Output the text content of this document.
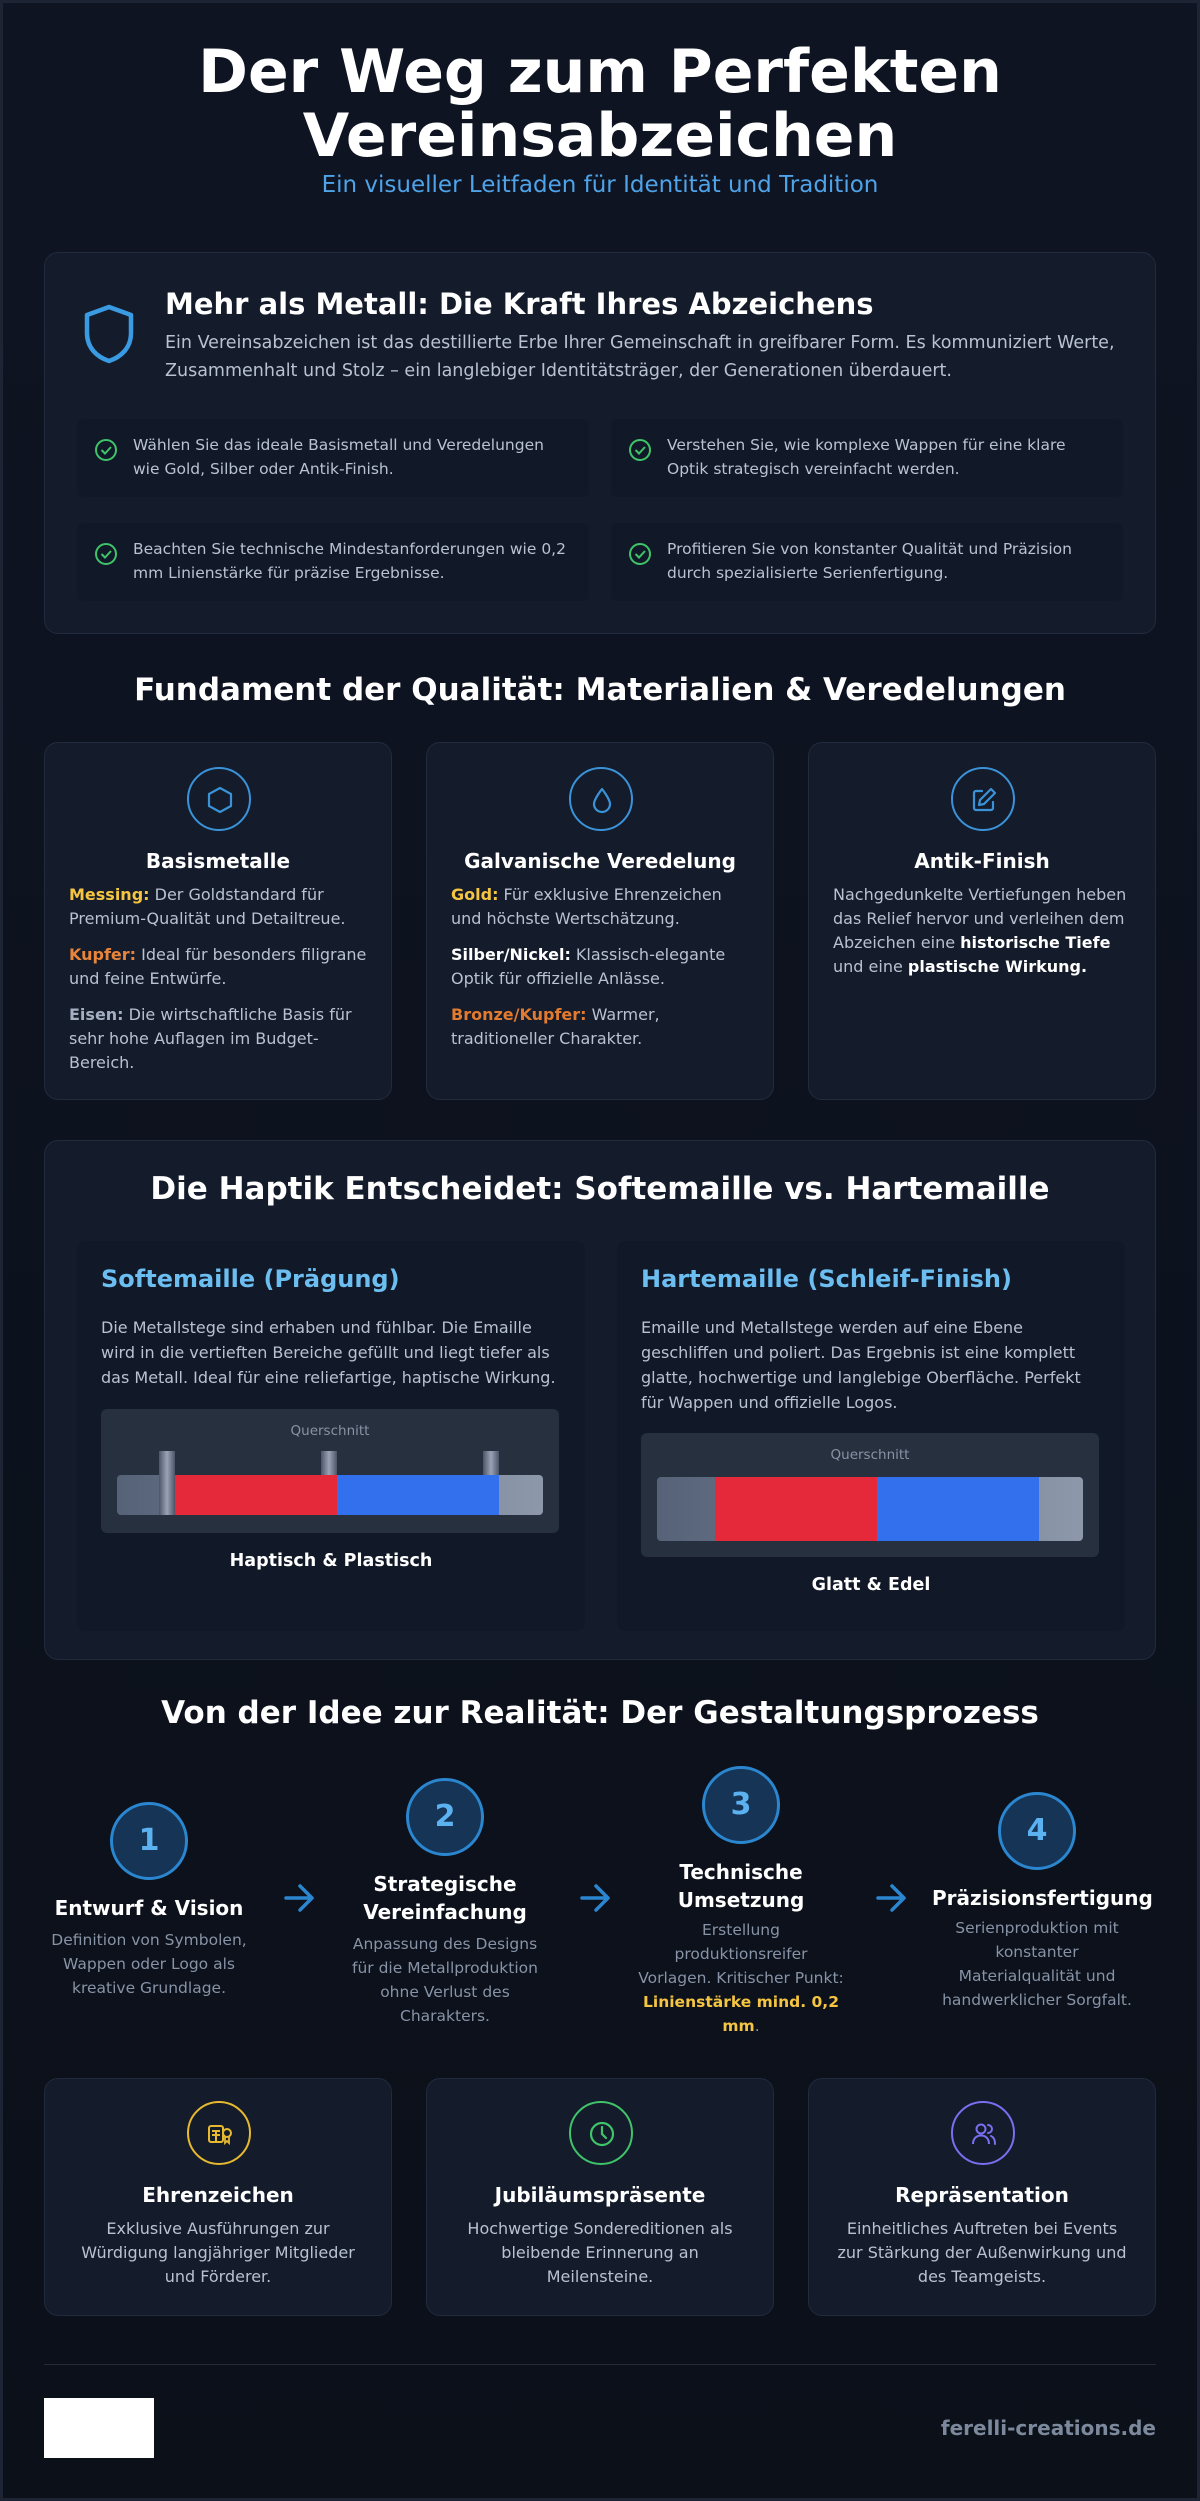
Der Weg zum Perfekten
Vereinsabzeichen
Ein visueller Leitfaden für Identität und Tradition
Mehr als Metall: Die Kraft Ihres Abzeichens
Ein Vereinsabzeichen ist das destillierte Erbe Ihrer Gemeinschaft in greifbarer Form. Es kommuniziert Werte, Zusammenhalt und Stolz – ein langlebiger Identitätsträger, der Generationen überdauert.
Wählen Sie das ideale Basismetall und Veredelungen wie Gold, Silber oder Antik-Finish.
Verstehen Sie, wie komplexe Wappen für eine klare Optik strategisch vereinfacht werden.
Beachten Sie technische Mindestanforderungen wie 0,2 mm Linienstärke für präzise Ergebnisse.
Profitieren Sie von konstanter Qualität und Präzision durch spezialisierte Serienfertigung.
Fundament der Qualität: Materialien & Veredelungen
Basismetalle

Messing: Der Goldstandard für Premium-Qualität und Detailtreue.

Kupfer: Ideal für besonders filigrane und feine Entwürfe.

Eisen: Die wirtschaftliche Basis für sehr hohe Auflagen im Budget-Bereich.

Galvanische Veredelung

Gold: Für exklusive Ehrenzeichen und höchste Wertschätzung.

Silber/Nickel: Klassisch-elegante Optik für offizielle Anlässe.

Bronze/Kupfer: Warmer, traditioneller Charakter.

Antik-Finish

Nachgedunkelte Vertiefungen heben das Relief hervor und verleihen dem Abzeichen eine historische Tiefe und eine plastische Wirkung.

Die Haptik Entscheidet: Softemaille vs. Hartemaille
Softemaille (Prägung)

Die Metallstege sind erhaben und fühlbar. Die Emaille wird in die vertieften Bereiche gefüllt und liegt tiefer als das Metall. Ideal für eine reliefartige, haptische Wirkung.

Querschnitt
Haptisch & Plastisch
Hartemaille (Schleif-Finish)

Emaille und Metallstege werden auf eine Ebene geschliffen und poliert. Das Ergebnis ist eine komplett glatte, hochwertige und langlebige Oberfläche. Perfekt für Wappen und offizielle Logos.

Querschnitt
Glatt & Edel
Von der Idee zur Realität: Der Gestaltungsprozess
1
Entwurf & Vision
Definition von Symbolen, Wappen oder Logo als kreative Grundlage.
2
Strategische Vereinfachung
Anpassung des Designs für die Metallproduktion ohne Verlust des Charakters.
3
Technische Umsetzung
Erstellung produktionsreifer Vorlagen. Kritischer Punkt: Linienstärke mind. 0,2 mm.
4
Präzisionsfertigung
Serienproduktion mit konstanter Materialqualität und handwerklicher Sorgfalt.
Ehrenzeichen
Exklusive Ausführungen zur Würdigung langjähriger Mitglieder und Förderer.
Jubiläumspräsente
Hochwertige Sondereditionen als bleibende Erinnerung an Meilensteine.
Repräsentation
Einheitliches Auftreten bei Events zur Stärkung der Außenwirkung und des Teamgeists.
ferelli-creations.de
